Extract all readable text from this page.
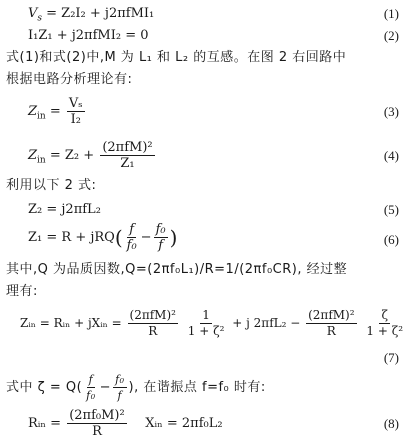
$V_s = Z_2I_2 + j2\pi fMI_1$	(1)
I₁Z₁ + j2πfMI₂ = 0	(2)
式(1)和式(2)中,M 为 L₁ 和 L₂ 的互感。在图 2 右回路中
根据电路分析理论有:
$Z_{in} = \frac{\text{Vₛ}}{\text{I₂}}$	(3)
$Z_{in} = Z_2 + \frac{\text{(2πfM)²}}{\text{Z₁}}$	(4)
利用以下 2 式:
Z₂ = j2πfL₂	(5)
$Z_1 = R + jRQ( \frac{f}{\text{f₀}} - \frac{\text{f₀}}{f}$ )	(6)
其中,Q 为品质因数,Q=(2πf₀L₁)/R=1/(2πf₀CR), 经过整
理有:
Zᵢₙ = Rᵢₙ + jXᵢₙ = $\frac{\text{(2πfM)²}}{R}$
$\frac{1}{\text{1 + ζ²}} + j$ $2\pi fL_2 - \frac{\text{(2πfM)²}}{R}$
$\frac{\zeta}{\text{1 + ζ²}}$
(7)
式中 $\zeta = Q( \frac{f}{\text{f₀}} - \frac{\text{f₀}}{f}$ ), 在谐振点 f=f₀ 时有:
Rᵢₙ = $\frac{\text{(2πf₀M)²}}{R}$ Xᵢₙ = 2πf₀L₂	(8)
